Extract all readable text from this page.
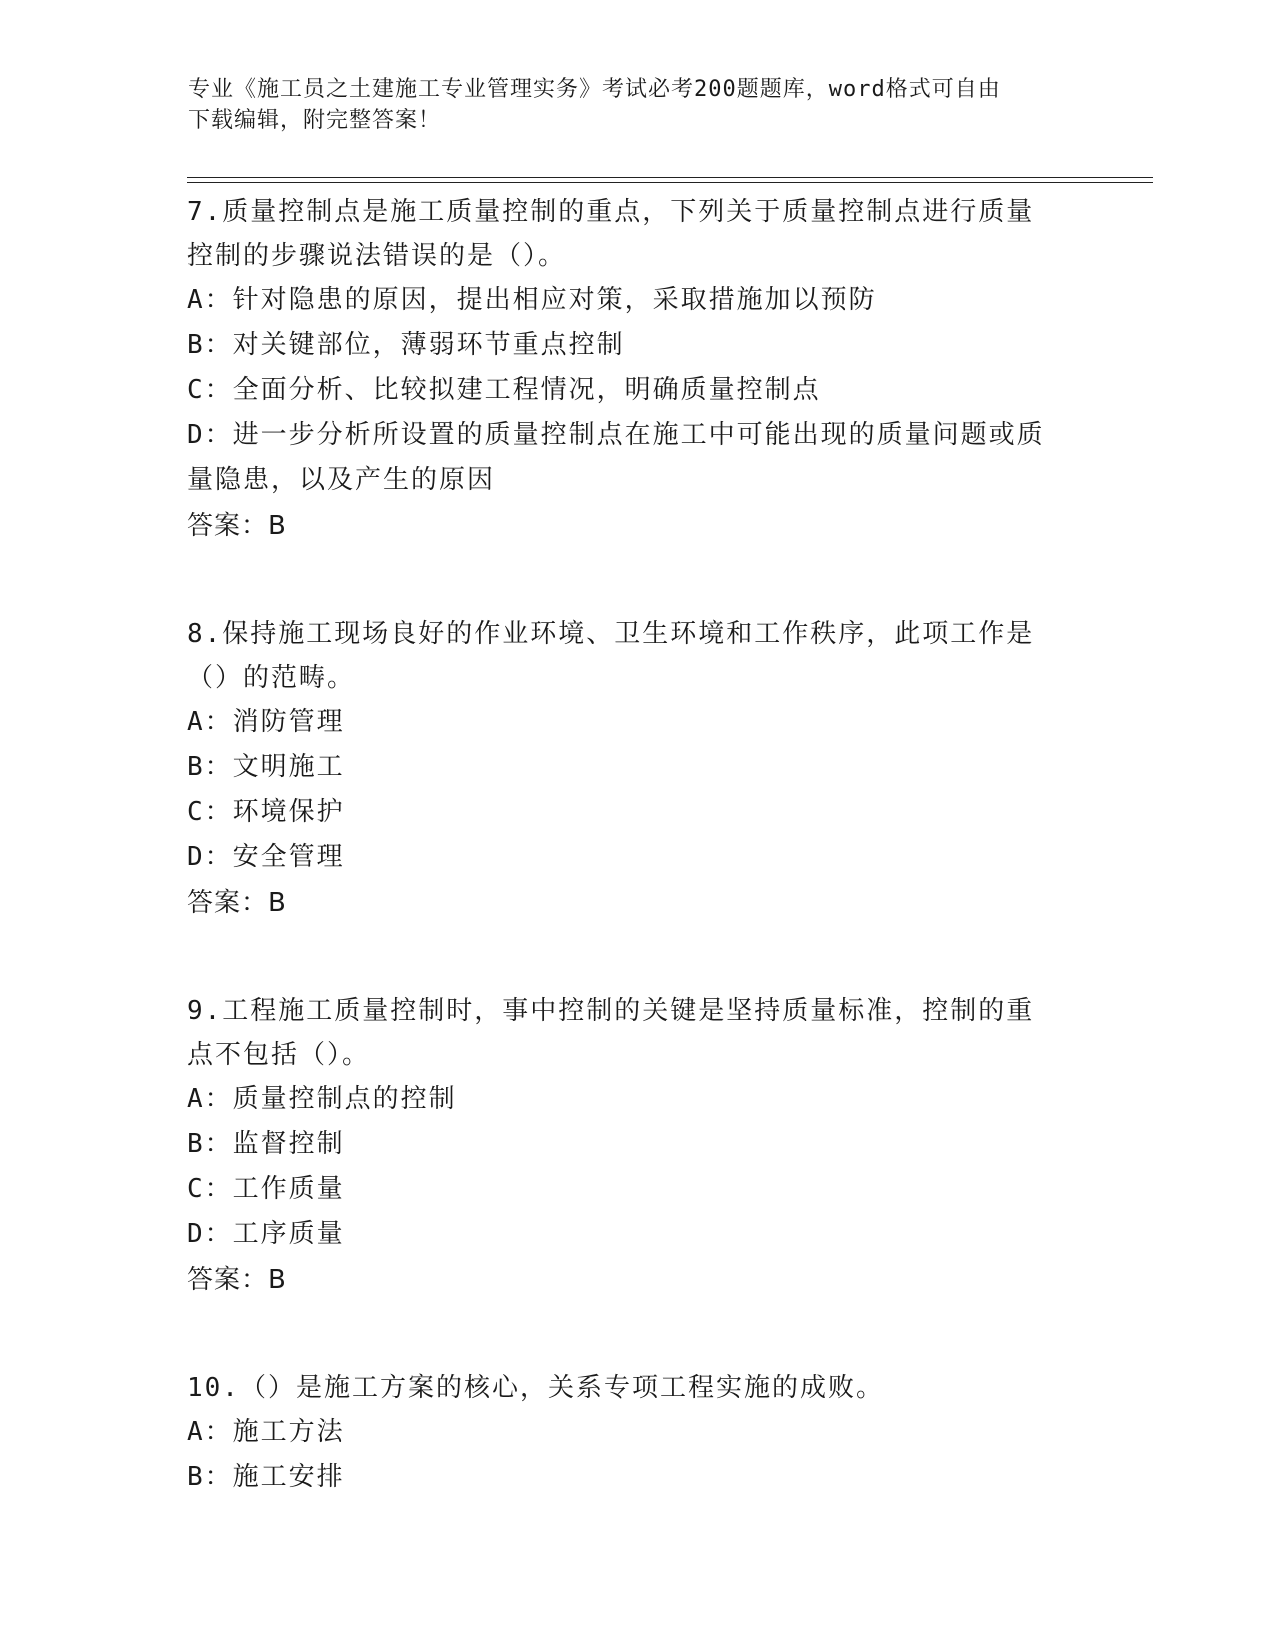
专业《施工员之土建施工专业管理实务》考试必考200题题库，word格式可自由
下载编辑，附完整答案！

7.质量控制点是施工质量控制的重点，下列关于质量控制点进行质量

控制的步骤说法错误的是（）。

A：针对隐患的原因，提出相应对策，采取措施加以预防

B：对关键部位，薄弱环节重点控制

C：全面分析、比较拟建工程情况，明确质量控制点

D：进一步分析所设置的质量控制点在施工中可能出现的质量问题或质

量隐患，以及产生的原因

答案：B

8.保持施工现场良好的作业环境、卫生环境和工作秩序，此项工作是

（）的范畴。

A：消防管理

B：文明施工

C：环境保护

D：安全管理

答案：B

9.工程施工质量控制时，事中控制的关键是坚持质量标准，控制的重

点不包括（）。

A：质量控制点的控制

B：监督控制

C：工作质量

D：工序质量

答案：B

10.（）是施工方案的核心，关系专项工程实施的成败。

A：施工方法

B：施工安排
